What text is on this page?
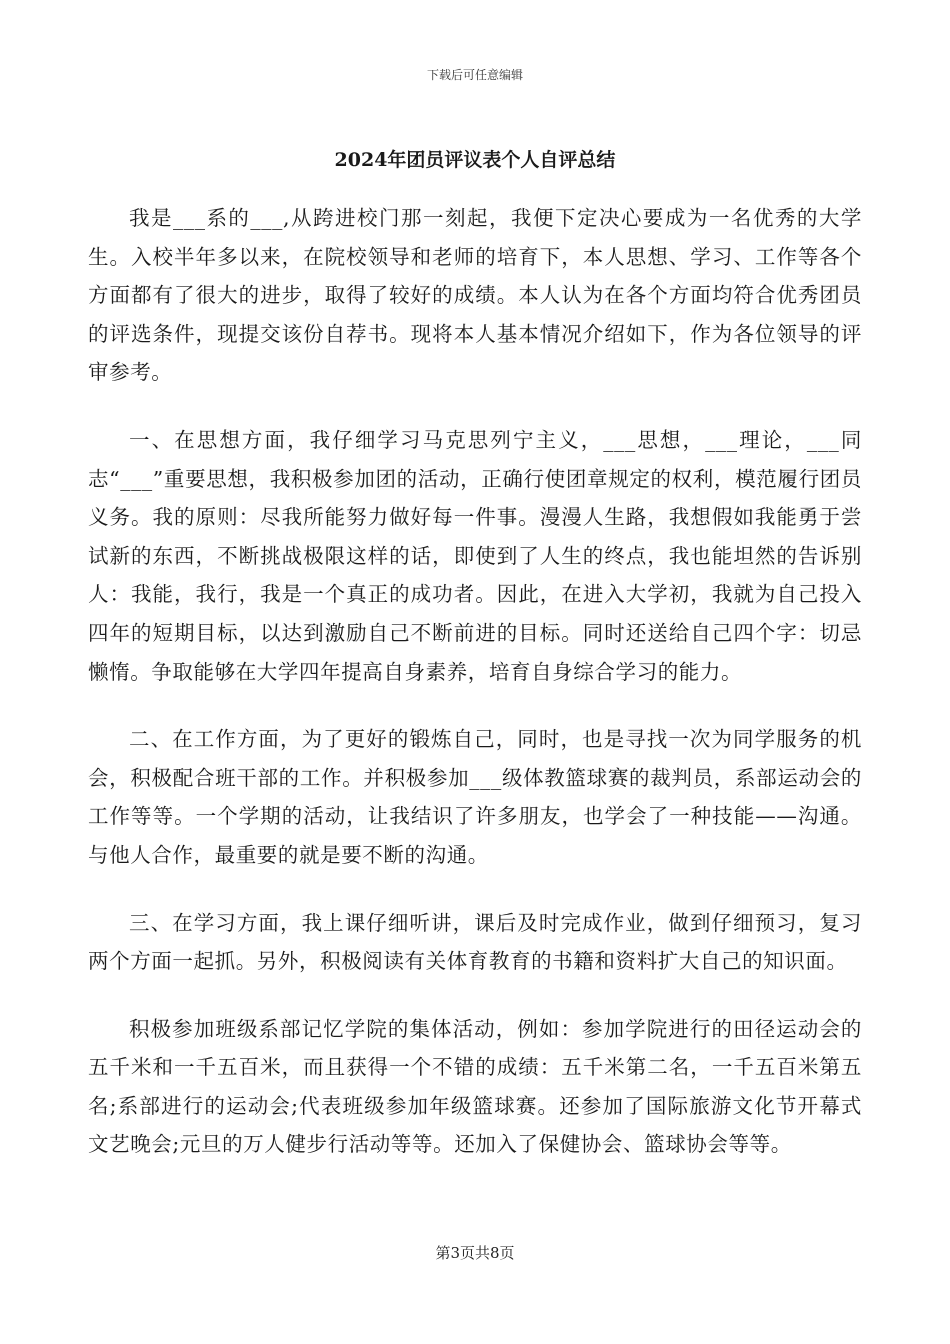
下载后可任意编辑
2024年团员评议表个人自评总结

我是___系的___,从跨进校门那一刻起，我便下定决心要成为一名优秀的大学生。入校半年多以来，在院校领导和老师的培育下，本人思想、学习、工作等各个方面都有了很大的进步，取得了较好的成绩。本人认为在各个方面均符合优秀团员的评选条件，现提交该份自荐书。现将本人基本情况介绍如下，作为各位领导的评审参考。

一、在思想方面，我仔细学习马克思列宁主义，___思想，___理论，___同志“___”重要思想，我积极参加团的活动，正确行使团章规定的权利，模范履行团员义务。我的原则：尽我所能努力做好每一件事。漫漫人生路，我想假如我能勇于尝试新的东西，不断挑战极限这样的话，即使到了人生的终点，我也能坦然的告诉别人：我能，我行，我是一个真正的成功者。因此，在进入大学初，我就为自己投入四年的短期目标，以达到激励自己不断前进的目标。同时还送给自己四个字：切忌懒惰。争取能够在大学四年提高自身素养，培育自身综合学习的能力。

二、在工作方面，为了更好的锻炼自己，同时，也是寻找一次为同学服务的机会，积极配合班干部的工作。并积极参加___级体教篮球赛的裁判员，系部运动会的工作等等。一个学期的活动，让我结识了许多朋友，也学会了一种技能——沟通。与他人合作，最重要的就是要不断的沟通。

三、在学习方面，我上课仔细听讲，课后及时完成作业，做到仔细预习，复习两个方面一起抓。另外，积极阅读有关体育教育的书籍和资料扩大自己的知识面。

积极参加班级系部记忆学院的集体活动，例如：参加学院进行的田径运动会的五千米和一千五百米，而且获得一个不错的成绩：五千米第二名，一千五百米第五名;系部进行的运动会;代表班级参加年级篮球赛。还参加了国际旅游文化节开幕式文艺晚会;元旦的万人健步行活动等等。还加入了保健协会、篮球协会等等。

第3页共8页
